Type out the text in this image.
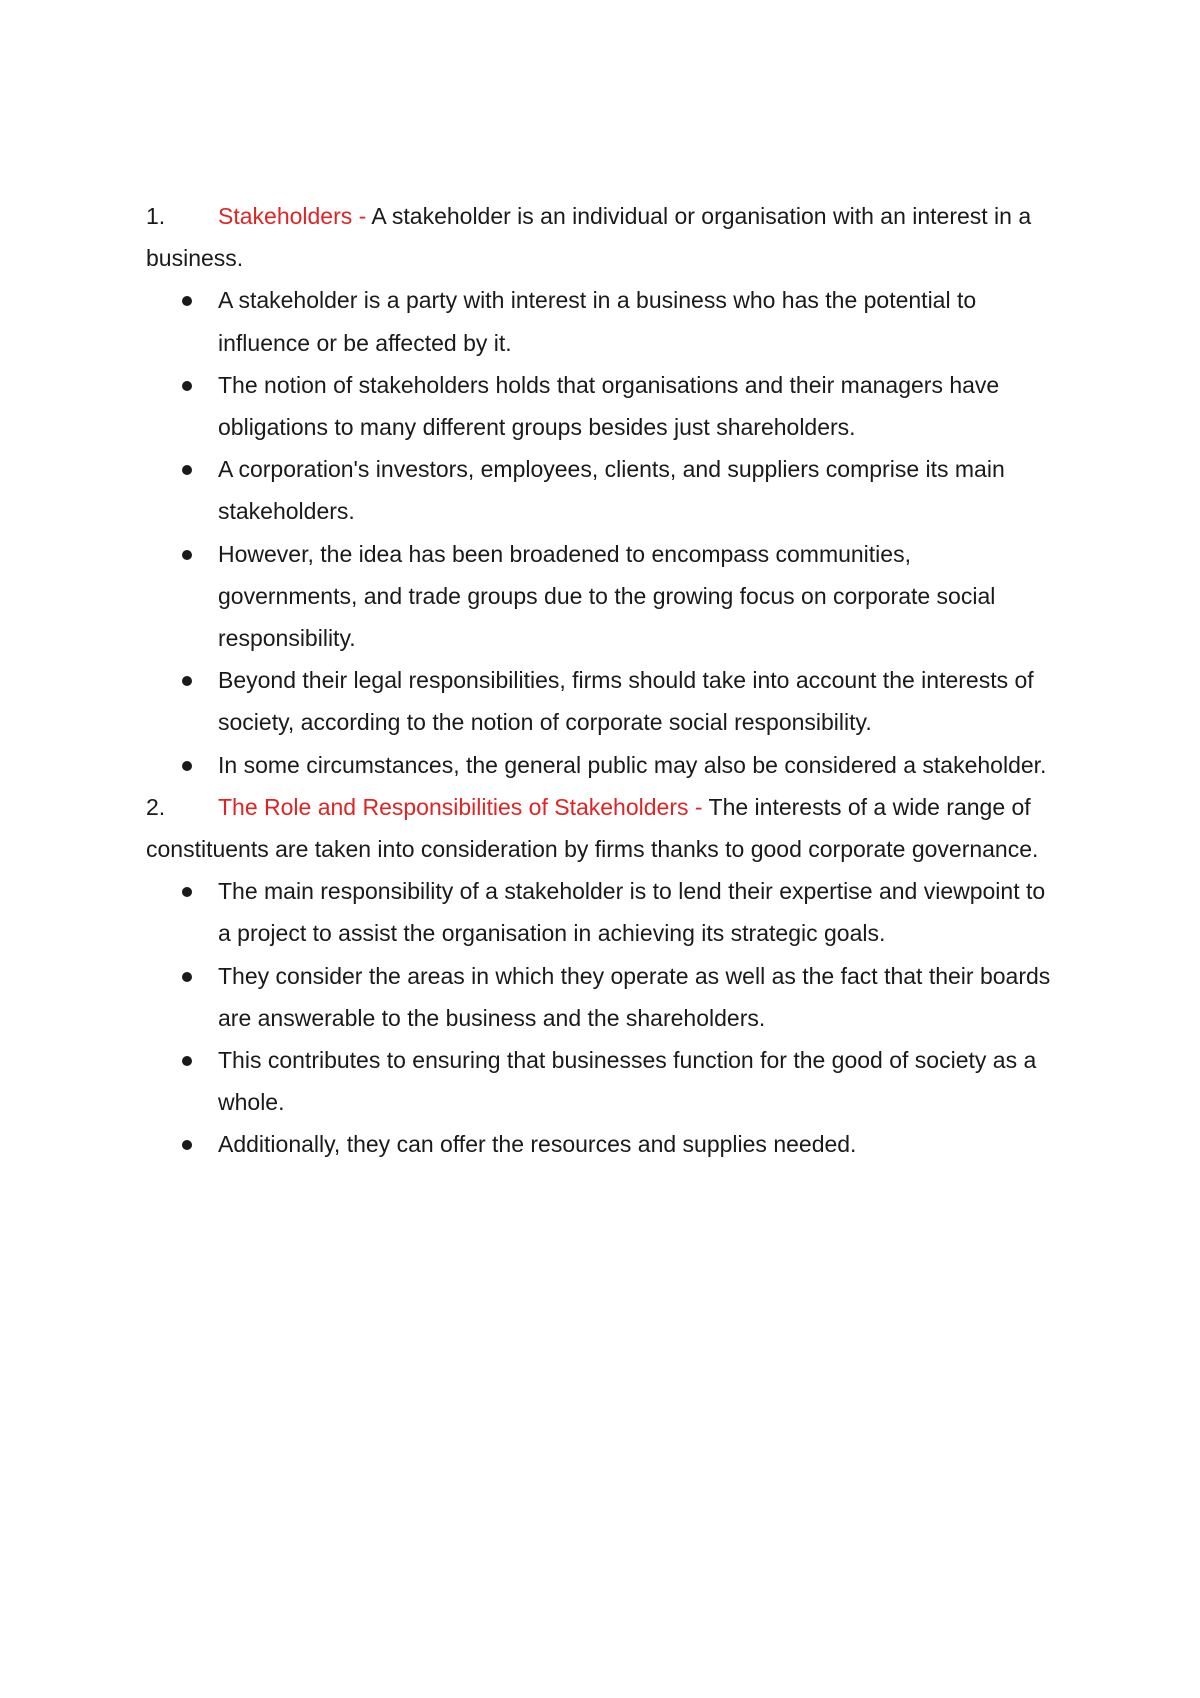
1. Stakeholders - A stakeholder is an individual or organisation with an interest in a business.

A stakeholder is a party with interest in a business who has the potential to influence or be affected by it.
The notion of stakeholders holds that organisations and their managers have obligations to many different groups besides just shareholders.
A corporation's investors, employees, clients, and suppliers comprise its main stakeholders.
However, the idea has been broadened to encompass communities, governments, and trade groups due to the growing focus on corporate social responsibility.
Beyond their legal responsibilities, firms should take into account the interests of society, according to the notion of corporate social responsibility.
In some circumstances, the general public may also be considered a stakeholder.

2. The Role and Responsibilities of Stakeholders - The interests of a wide range of constituents are taken into consideration by firms thanks to good corporate governance.

The main responsibility of a stakeholder is to lend their expertise and viewpoint to a project to assist the organisation in achieving its strategic goals.
They consider the areas in which they operate as well as the fact that their boards are answerable to the business and the shareholders.
This contributes to ensuring that businesses function for the good of society as a whole.
Additionally, they can offer the resources and supplies needed.
